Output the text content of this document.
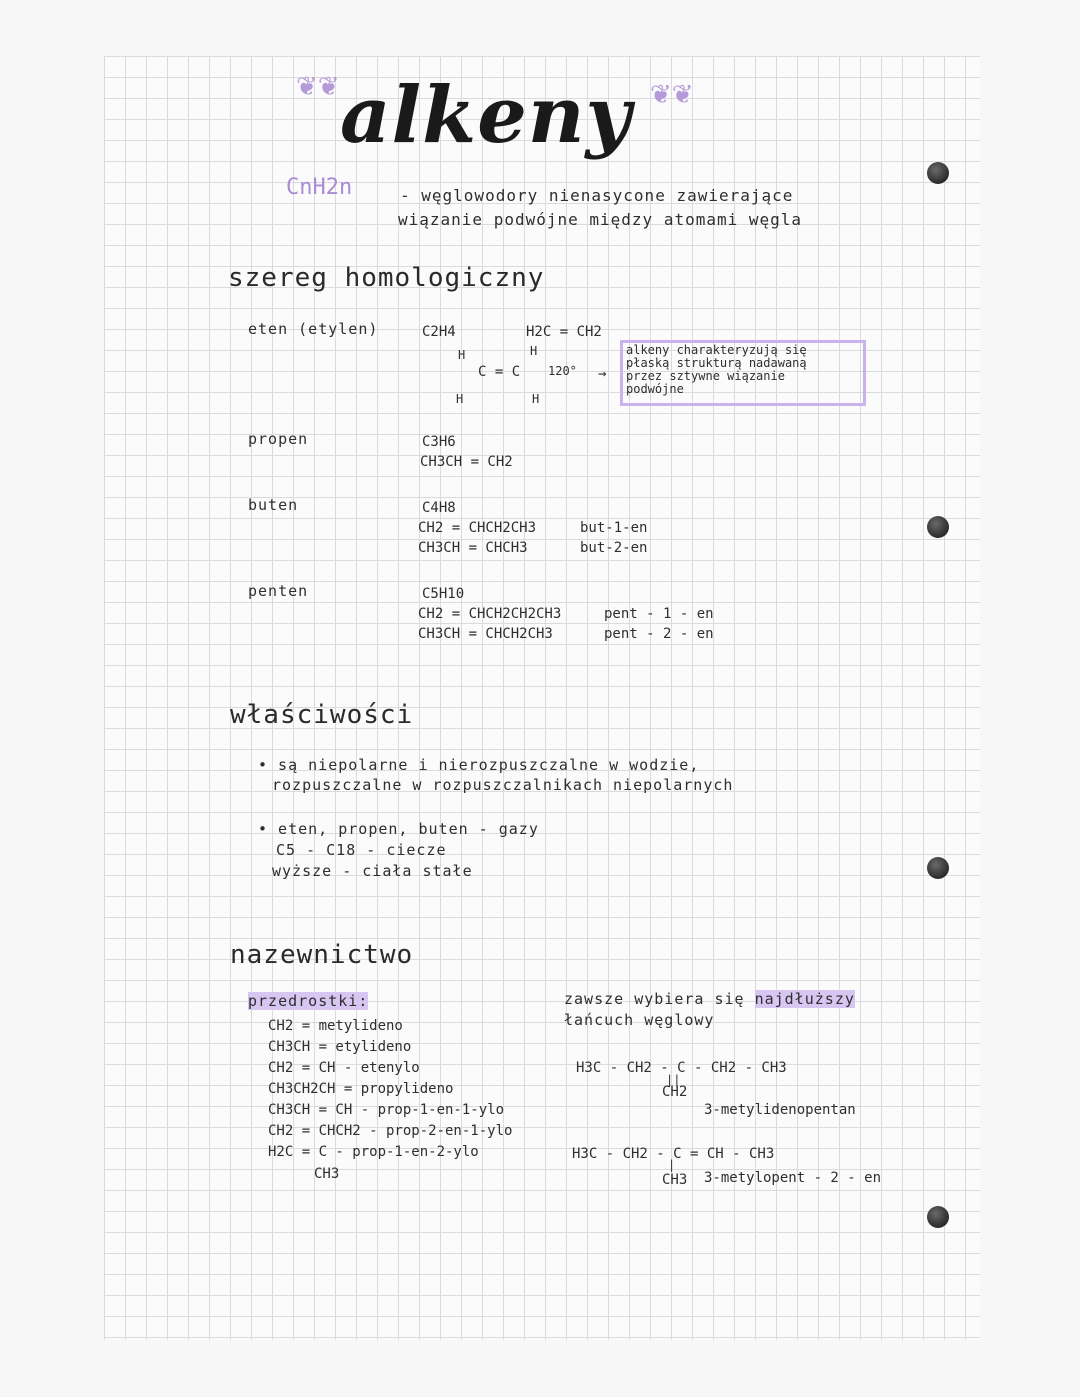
❦❦ alkeny ❦❦
CnH2n	- węglowodory nienasycone zawierające
wiązanie podwójne między atomami węgla
szereg homologiczny
eten (etylen)	C2H4	H2C = CH2
H	H
C = C 120°
H	H
→
alkeny charakteryzują się
płaską strukturą nadawaną
przez sztywne wiązanie
podwójne
propen	C3H6
CH3CH = CH2
buten	C4H8
CH2 = CHCH2CH3	but-1-en
CH3CH = CHCH3	but-2-en
penten	C5H10
CH2 = CHCH2CH2CH3	pent - 1 - en
CH3CH = CHCH2CH3	pent - 2 - en
właściwości
• są niepolarne i nierozpuszczalne w wodzie,
rozpuszczalne w rozpuszczalnikach niepolarnych
• eten, propen, buten - gazy
C5 - C18 - ciecze
wyższe - ciała stałe
nazewnictwo
przedrostki:
CH2 = metylideno
CH3CH = etylideno
CH2 = CH - etenylo
CH3CH2CH = propylideno
CH3CH = CH - prop-1-en-1-ylo
CH2 = CHCH2 - prop-2-en-1-ylo
H2C = C - prop-1-en-2-ylo
CH3
zawsze wybiera się najdłuższy
łańcuch węglowy
H3C - CH2 - C - CH2 - CH3
||
CH2
3-metylidenopentan
H3C - CH2 - C = CH - CH3
|
CH3 3-metylopent - 2 - en
